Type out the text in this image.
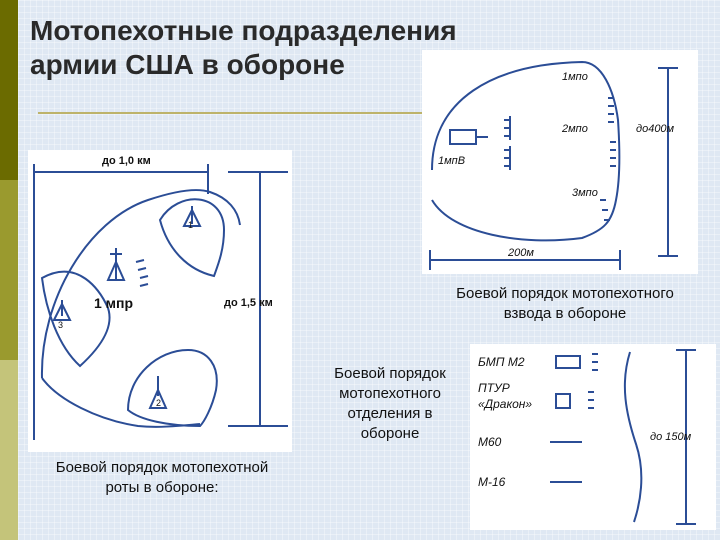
Мотопехотные подразделения
армии США в обороне
до 1,0 км
до 1,5 км
1 мпр
1
2
3
1мпо
2мпо
3мпо
1мпВ
до400м
200м
БМП М2
ПТУР
«Дракон»
М60
М-16
до 150м
Боевой порядок мотопехотного
взвода в обороне
Боевой порядок
мотопехотного
отделения в
обороне
Боевой порядок мотопехотной
роты в обороне:
